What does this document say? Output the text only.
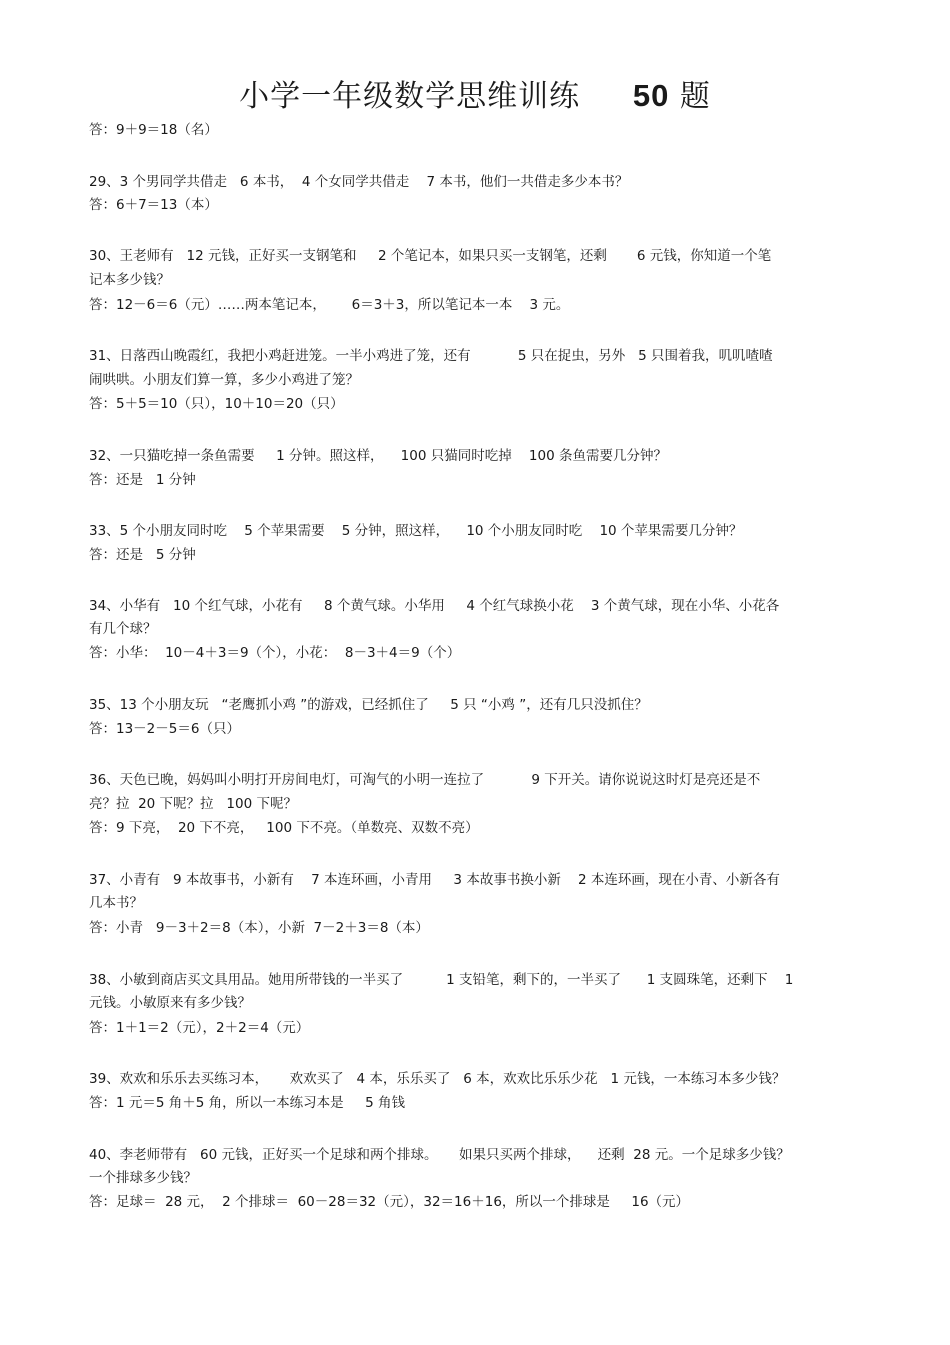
小学一年级数学思维训练     50 题
答：9＋9＝18（名）
29、3 个男同学共借走   6 本书，  4 个女同学共借走    7 本书，他们一共借走多少本书？
答：6＋7＝13（本）
30、王老师有   12 元钱，正好买一支钢笔和     2 个笔记本，如果只买一支钢笔，还剩       6 元钱，你知道一个笔
记本多少钱？
答：12－6＝6（元）……两本笔记本，      6＝3＋3，所以笔记本一本    3 元。
31、日落西山晚霞红，我把小鸡赶进笼。一半小鸡进了笼，还有           5 只在捉虫，另外   5 只围着我，叽叽喳喳
闹哄哄。小朋友们算一算，多少小鸡进了笼？
答：5＋5＝10（只），10＋10＝20（只）
32、一只猫吃掉一条鱼需要     1 分钟。照这样，    100 只猫同时吃掉    100 条鱼需要几分钟？
答：还是   1 分钟
33、5 个小朋友同时吃    5 个苹果需要    5 分钟，照这样，    10 个小朋友同时吃    10 个苹果需要几分钟？
答：还是   5 分钟
34、小华有   10 个红气球，小花有     8 个黄气球。小华用     4 个红气球换小花    3 个黄气球，现在小华、小花各
有几个球？
答：小华：  10－4＋3＝9（个），小花：  8－3＋4＝9（个）
35、13 个小朋友玩   “老鹰抓小鸡 ”的游戏，已经抓住了     5 只 “小鸡 ”，还有几只没抓住？
答：13－2－5＝6（只）
36、天色已晚，妈妈叫小明打开房间电灯，可淘气的小明一连拉了           9 下开关。请你说说这时灯是亮还是不
亮？拉  20 下呢？拉   100 下呢？
答：9 下亮，  20 下不亮，   100 下不亮。（单数亮、双数不亮）
37、小青有   9 本故事书，小新有    7 本连环画，小青用     3 本故事书换小新    2 本连环画，现在小青、小新各有
几本书？
答：小青   9－3＋2＝8（本），小新  7－2＋3＝8（本）
38、小敏到商店买文具用品。她用所带钱的一半买了          1 支铅笔，剩下的，一半买了      1 支圆珠笔，还剩下    1
元钱。小敏原来有多少钱？
答：1＋1＝2（元），2＋2＝4（元）
39、欢欢和乐乐去买练习本，     欢欢买了   4 本，乐乐买了   6 本，欢欢比乐乐少花   1 元钱，一本练习本多少钱？
答：1 元＝5 角＋5 角，所以一本练习本是     5 角钱
40、李老师带有   60 元钱，正好买一个足球和两个排球。     如果只买两个排球，    还剩  28 元。一个足球多少钱？
一个排球多少钱？
答：足球＝  28 元，  2 个排球＝  60－28＝32（元），32＝16＋16，所以一个排球是     16（元）
